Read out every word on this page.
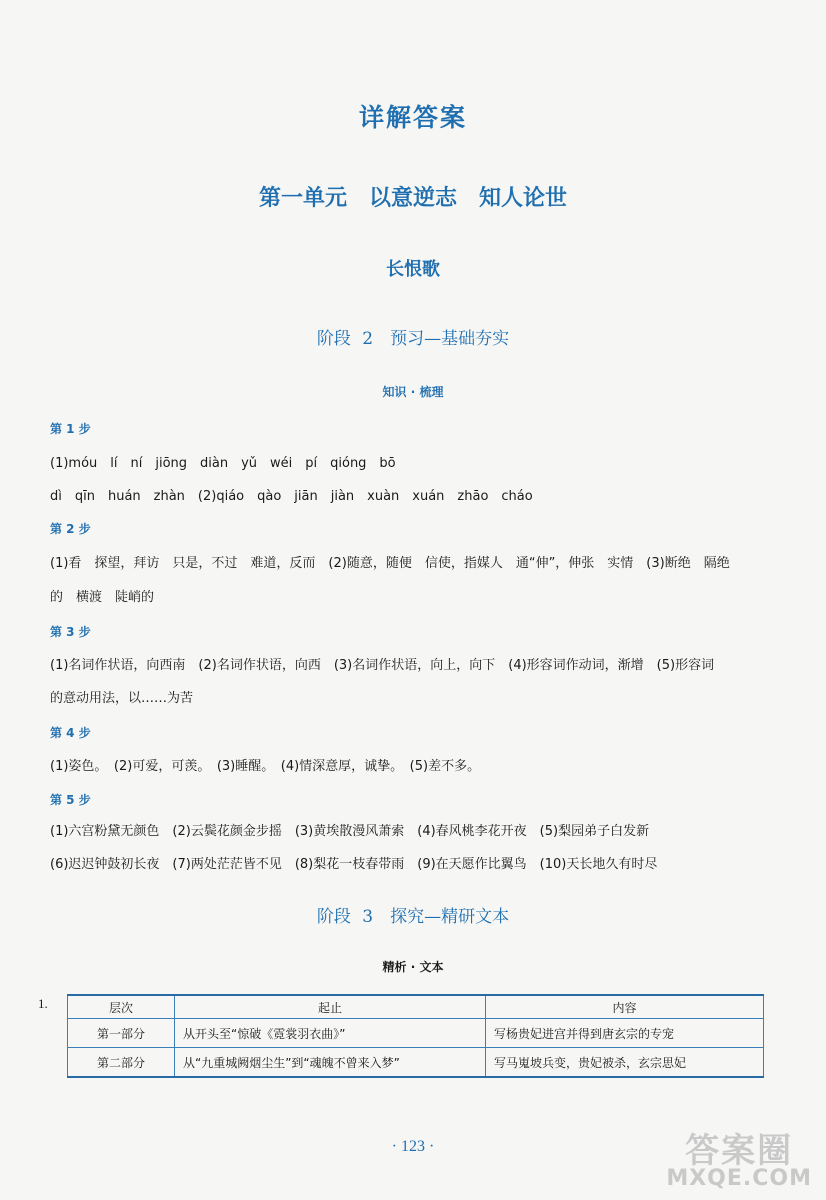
详解答案
第一单元　以意逆志　知人论世
长恨歌
阶段 2　预习—基础夯实
知识 · 梳理
第 1 步
(1)móu　lí　ní　jiōng　diàn　yǔ　wéi　pí　qióng　bō
dì　qīn　huán　zhàn　(2)qiáo　qào　jiān　jiàn　xuàn　xuán　zhāo　cháo
第 2 步
(1)看　探望，拜访　只是，不过　难道，反而　(2)随意，随便　信使，指媒人　通“伸”，伸张　实情　(3)断绝　隔绝
的　横渡　陡峭的
第 3 步
(1)名词作状语，向西南　(2)名词作状语，向西　(3)名词作状语，向上，向下　(4)形容词作动词，渐增　(5)形容词
的意动用法，以……为苦
第 4 步
(1)姿色。　(2)可爱，可羡。　(3)睡醒。　(4)情深意厚，诚挚。　(5)差不多。
第 5 步
(1)六宫粉黛无颜色　(2)云鬓花颜金步摇　(3)黄埃散漫风萧索　(4)春风桃李花开夜　(5)梨园弟子白发新
(6)迟迟钟鼓初长夜　(7)两处茫茫皆不见　(8)梨花一枝春带雨　(9)在天愿作比翼鸟　(10)天长地久有时尽
阶段 3　探究—精研文本
精析 · 文本
1.	层次	起止	内容
第一部分	从开头至“惊破《霓裳羽衣曲》”	写杨贵妃进宫并得到唐玄宗的专宠
第二部分	从“九重城阙烟尘生”到“魂魄不曾来入梦”	写马嵬坡兵变，贵妃被杀，玄宗思妃
· 123 ·	答案圈
MXQE.COM
